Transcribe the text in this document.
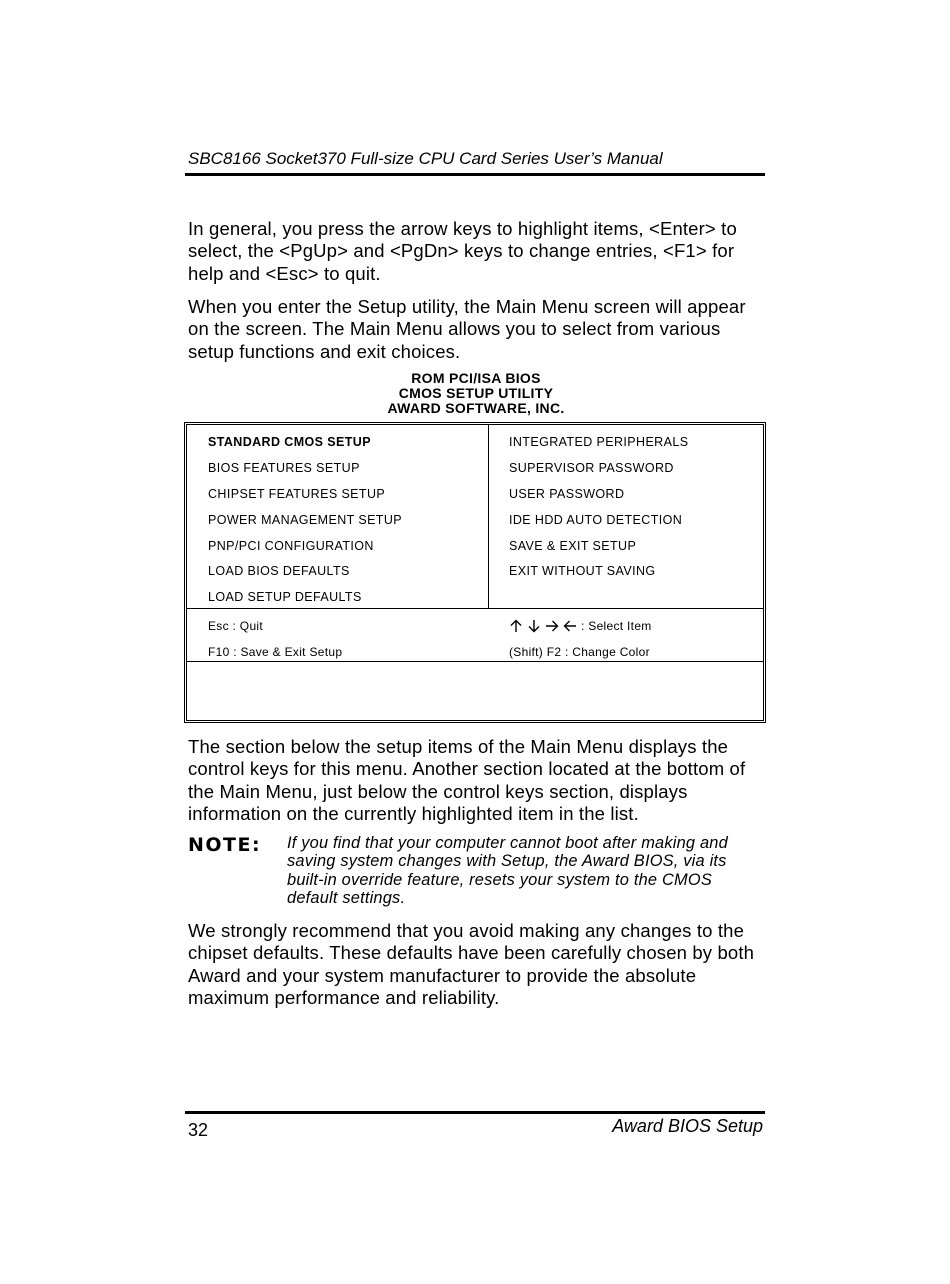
SBC8166 Socket370 Full-size CPU Card Series User’s Manual

In general, you press the arrow keys to highlight items, <Enter> to select, the <PgUp> and <PgDn> keys to change entries, <F1> for help and <Esc> to quit.

When you enter the Setup utility, the Main Menu screen will appear on the screen. The Main Menu allows you to select from various setup functions and exit choices.

ROM PCI/ISA BIOS
CMOS SETUP UTILITY
AWARD SOFTWARE, INC.
STANDARD CMOS SETUP
BIOS FEATURES SETUP
CHIPSET FEATURES SETUP
POWER MANAGEMENT SETUP
PNP/PCI CONFIGURATION
LOAD BIOS DEFAULTS
LOAD SETUP DEFAULTS
INTEGRATED PERIPHERALS
SUPERVISOR PASSWORD
USER PASSWORD
IDE HDD AUTO DETECTION
SAVE & EXIT SETUP
EXIT WITHOUT SAVING
Esc : Quit
F10 : Save & Exit Setup
: Select Item
(Shift) F2 : Change Color

The section below the setup items of the Main Menu displays the control keys for this menu. Another section located at the bottom of the Main Menu, just below the control keys section, displays information on the currently highlighted item in the list.

NOTE: If you find that your computer cannot boot after making and saving system changes with Setup, the Award BIOS, via its built-in override feature, resets your system to the CMOS default settings.

We strongly recommend that you avoid making any changes to the chipset defaults. These defaults have been carefully chosen by both Award and your system manufacturer to provide the absolute maximum performance and reliability.

32	Award BIOS Setup
